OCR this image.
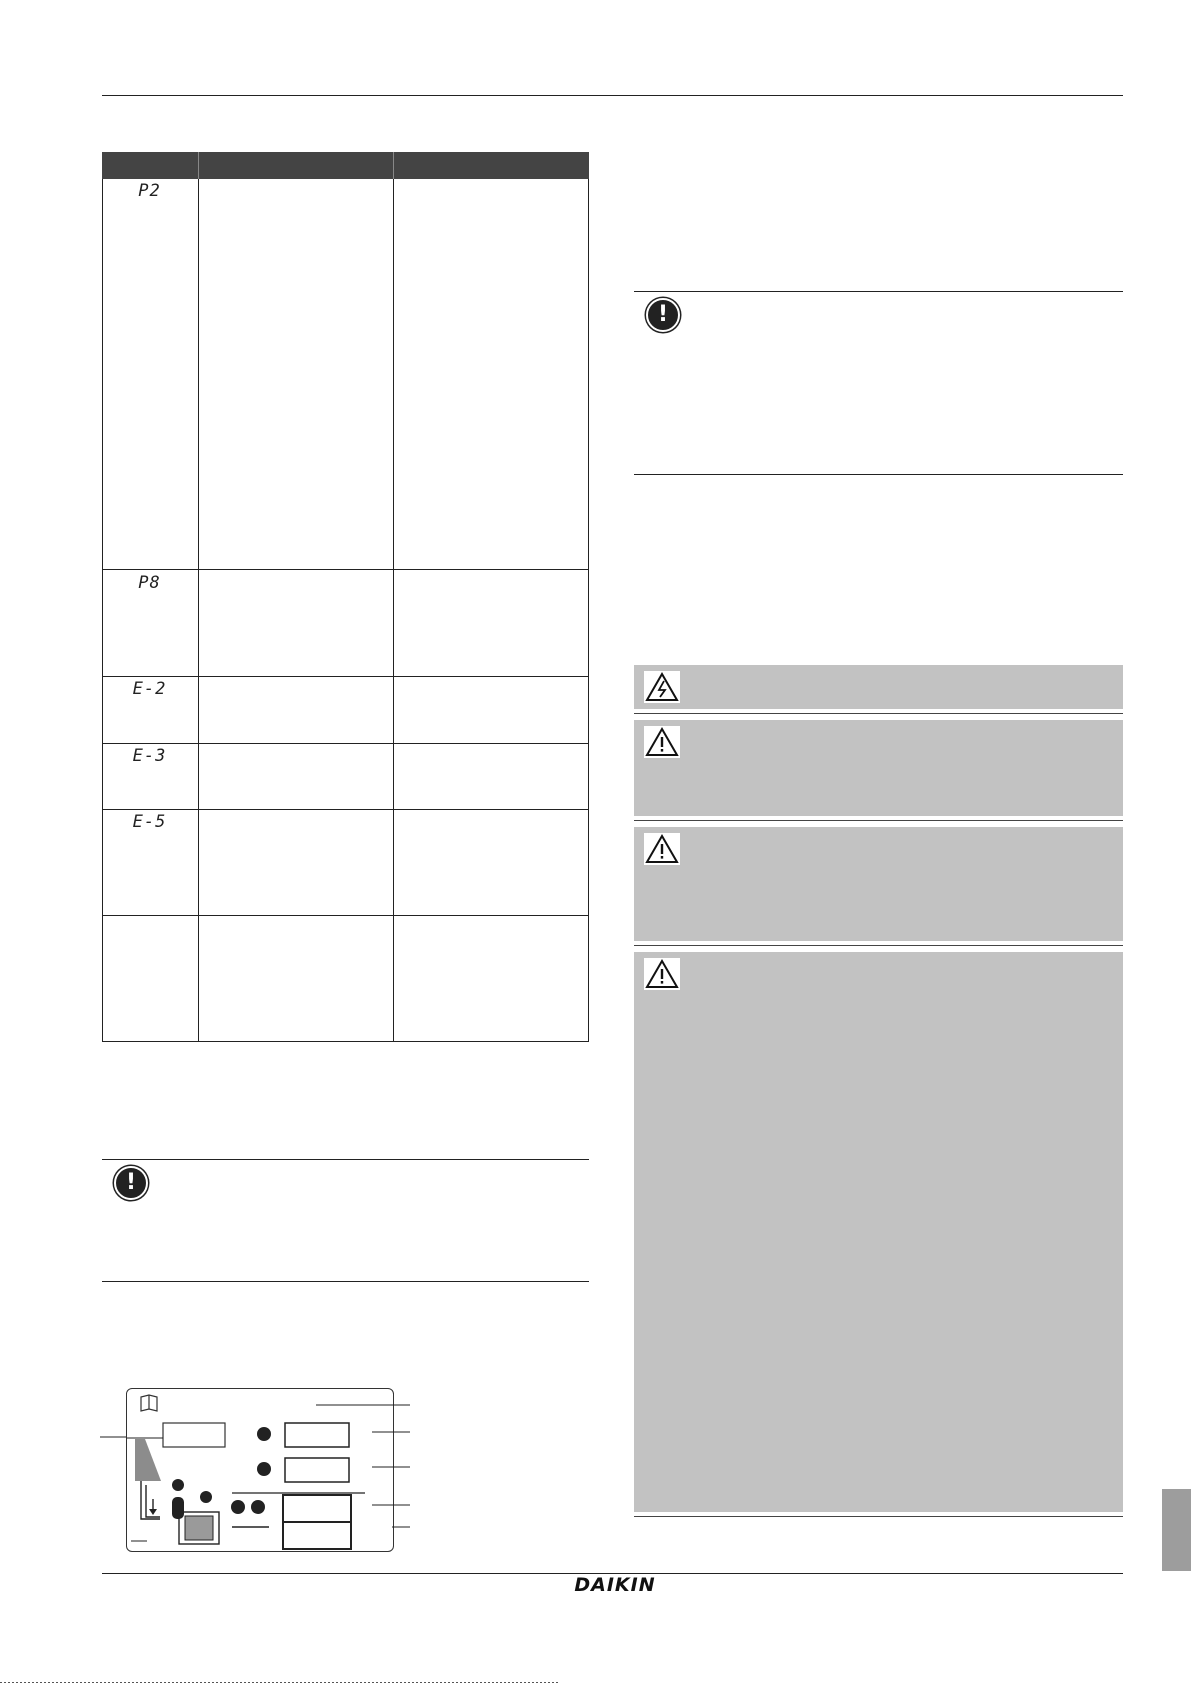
P2
P8
E-2
E-3
E-5
!
!
DAIKIN
